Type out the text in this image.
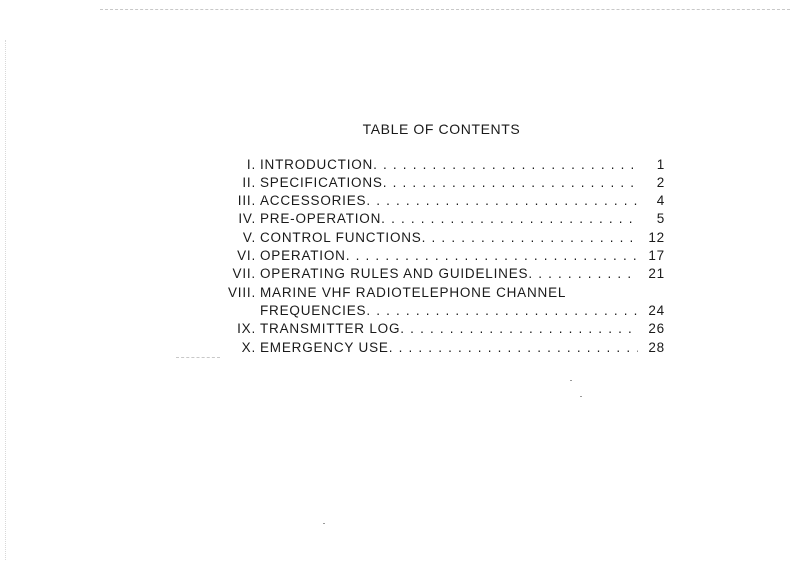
TABLE OF CONTENTS
I. INTRODUCTION . . .	1
II. SPECIFICATIONS . . .	2
III. ACCESSORIES . . .	4
IV. PRE-OPERATION . . .	5
V. CONTROL FUNCTIONS . . .	12
VI. OPERATION . . .	17
VII. OPERATING RULES AND GUIDELINES . . .	21
VIII. MARINE VHF RADIOTELEPHONE CHANNEL
FREQUENCIES . . .	24
IX. TRANSMITTER LOG . . .	26
X. EMERGENCY USE . . .	28
